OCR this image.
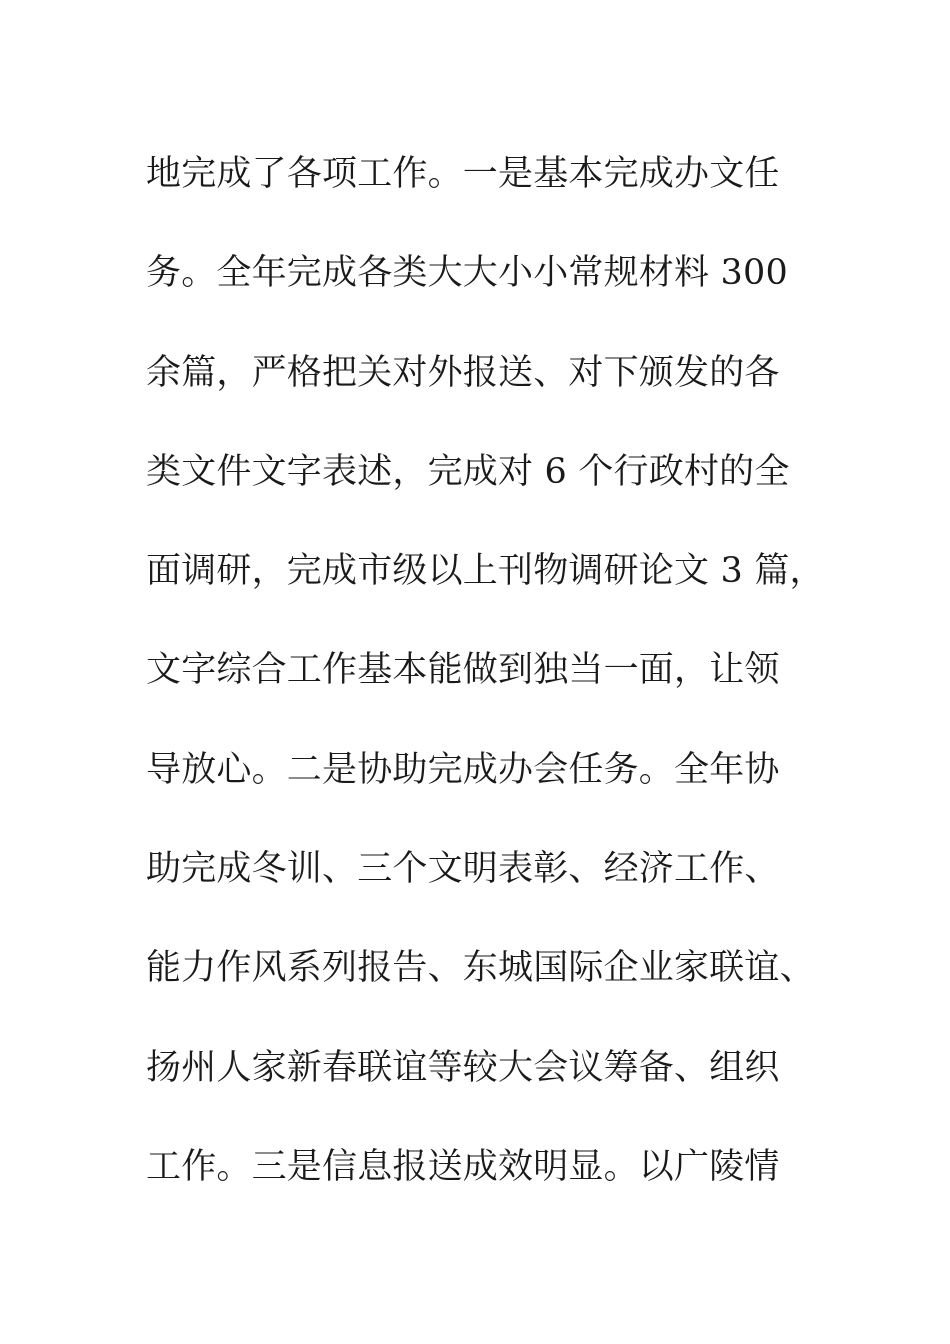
地完成了各项工作。一是基本完成办文任
务。全年完成各类大大小小常规材料 300
余篇，严格把关对外报送、对下颁发的各
类文件文字表述，完成对 6 个行政村的全
面调研，完成市级以上刊物调研论文 3 篇，
文字综合工作基本能做到独当一面，让领
导放心。二是协助完成办会任务。全年协
助完成冬训、三个文明表彰、经济工作、
能力作风系列报告、东城国际企业家联谊、
扬州人家新春联谊等较大会议筹备、组织
工作。三是信息报送成效明显。以广陵情
